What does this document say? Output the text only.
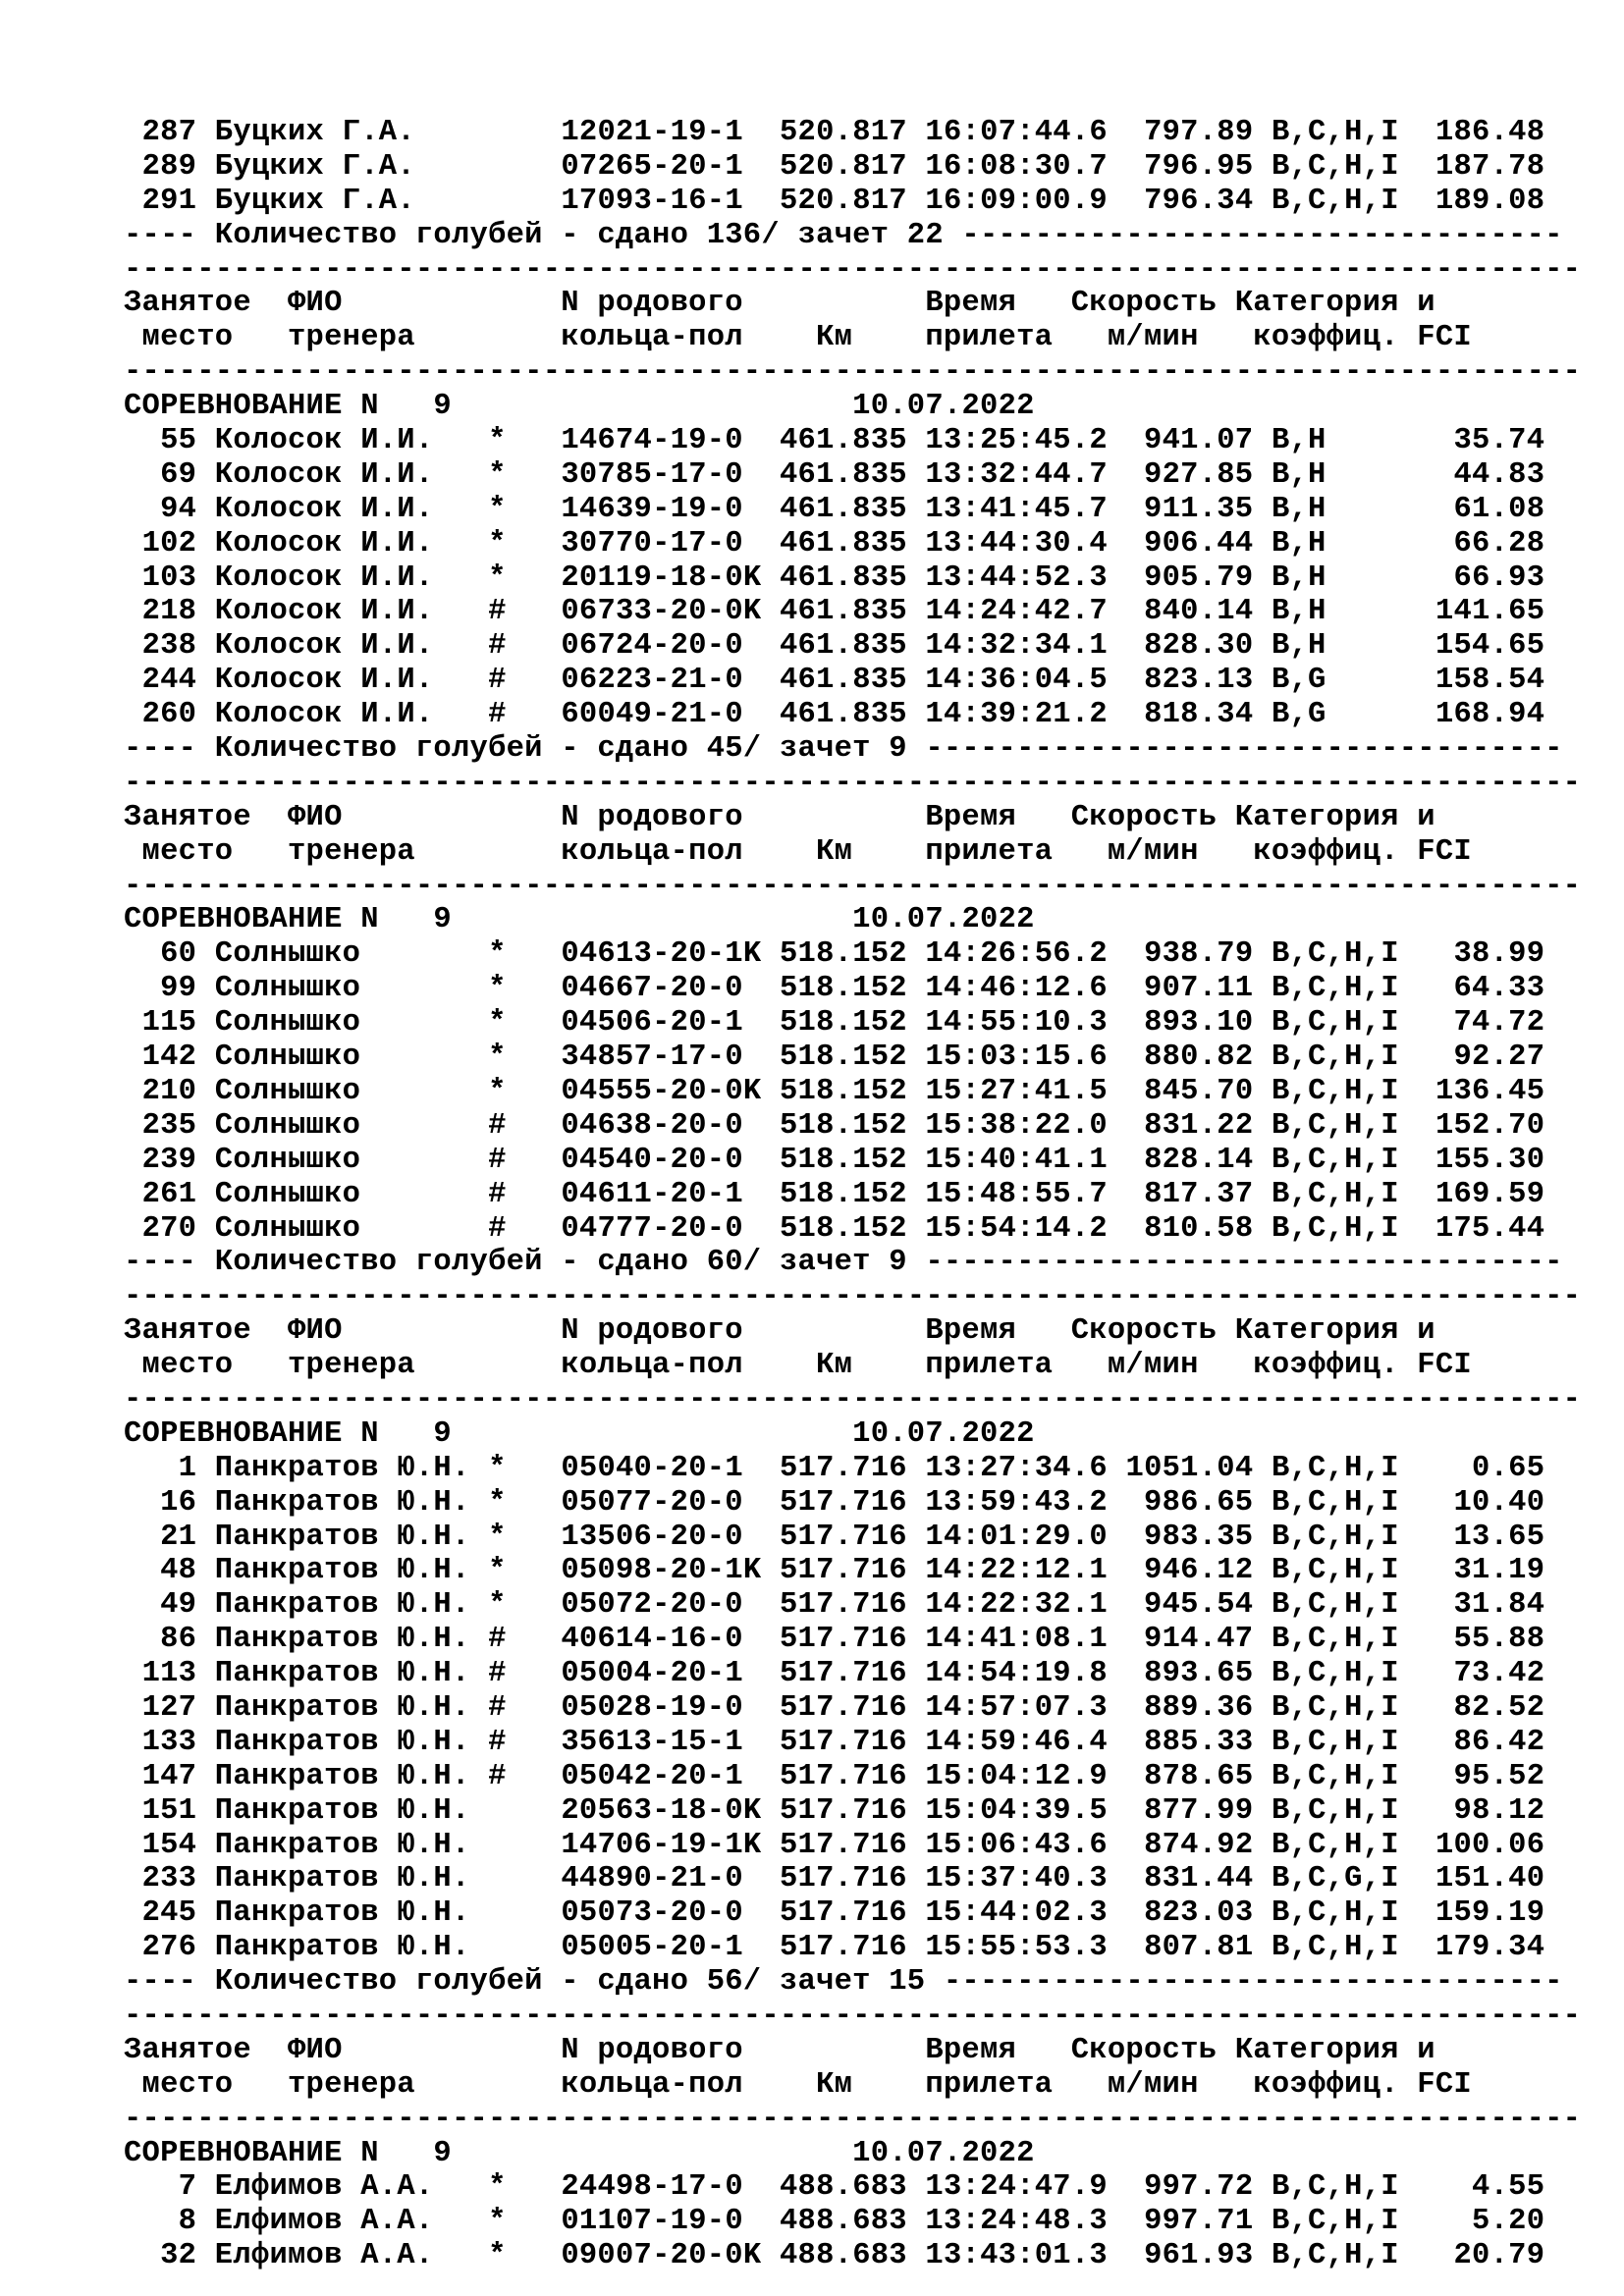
287 Буцких Г.А.	12021-19-1 520.817 16:07:44.6 797.89 B,C,H,I 186.48
289 Буцких Г.А.	07265-20-1 520.817 16:08:30.7 796.95 B,C,H,I 187.78
291 Буцких Г.А.	17093-16-1 520.817 16:09:00.9 796.34 B,C,H,I 189.08
---- Количество голубей - сдано 136/ зачет 22 ---------------------------------
--------------------------------------------------------------------------------
Занятое  ФИО            N родового          Время   Скорость Категория и
место   тренера        кольца-пол    Км    прилета   м/мин   коэффиц. FCI
--------------------------------------------------------------------------------
СОРЕВНОВАНИЕ N   9	10.07.2022
55 Колосок И.И. * 14674-19-0 461.835 13:25:45.2 941.07 B,H	35.74
69 Колосок И.И. * 30785-17-0 461.835 13:32:44.7 927.85 B,H	44.83
94 Колосок И.И. * 14639-19-0 461.835 13:41:45.7 911.35 B,H	61.08
102 Колосок И.И. * 30770-17-0 461.835 13:44:30.4 906.44 B,H	66.28
103 Колосок И.И. * 20119-18-0K 461.835 13:44:52.3 905.79 B,H	66.93
218 Колосок И.И. # 06733-20-0K 461.835 14:24:42.7 840.14 B,H	141.65
238 Колосок И.И. # 06724-20-0 461.835 14:32:34.1 828.30 B,H	154.65
244 Колосок И.И. # 06223-21-0 461.835 14:36:04.5 823.13 B,G	158.54
260 Колосок И.И. # 60049-21-0 461.835 14:39:21.2 818.34 B,G	168.94
---- Количество голубей - сдано 45/ зачет 9 -----------------------------------
--------------------------------------------------------------------------------
Занятое  ФИО            N родового          Время   Скорость Категория и
место   тренера        кольца-пол    Км    прилета   м/мин   коэффиц. FCI
--------------------------------------------------------------------------------
СОРЕВНОВАНИЕ N   9	10.07.2022
60 Солнышко	* 04613-20-1K 518.152 14:26:56.2 938.79 B,C,H,I 38.99
99 Солнышко	* 04667-20-0 518.152 14:46:12.6 907.11 B,C,H,I 64.33
115 Солнышко	* 04506-20-1 518.152 14:55:10.3 893.10 B,C,H,I 74.72
142 Солнышко	* 34857-17-0 518.152 15:03:15.6 880.82 B,C,H,I 92.27
210 Солнышко	* 04555-20-0K 518.152 15:27:41.5 845.70 B,C,H,I 136.45
235 Солнышко	# 04638-20-0 518.152 15:38:22.0 831.22 B,C,H,I 152.70
239 Солнышко	# 04540-20-0 518.152 15:40:41.1 828.14 B,C,H,I 155.30
261 Солнышко	# 04611-20-1 518.152 15:48:55.7 817.37 B,C,H,I 169.59
270 Солнышко	# 04777-20-0 518.152 15:54:14.2 810.58 B,C,H,I 175.44
---- Количество голубей - сдано 60/ зачет 9 -----------------------------------
--------------------------------------------------------------------------------
Занятое  ФИО            N родового          Время   Скорость Категория и
место   тренера        кольца-пол    Км    прилета   м/мин   коэффиц. FCI
--------------------------------------------------------------------------------
СОРЕВНОВАНИЕ N   9	10.07.2022
1 Панкратов Ю.Н. * 05040-20-1 517.716 13:27:34.6 1051.04 B,C,H,I 0.65
16 Панкратов Ю.Н. * 05077-20-0 517.716 13:59:43.2 986.65 B,C,H,I 10.40
21 Панкратов Ю.Н. * 13506-20-0 517.716 14:01:29.0 983.35 B,C,H,I 13.65
48 Панкратов Ю.Н. * 05098-20-1K 517.716 14:22:12.1 946.12 B,C,H,I 31.19
49 Панкратов Ю.Н. * 05072-20-0 517.716 14:22:32.1 945.54 B,C,H,I 31.84
86 Панкратов Ю.Н. # 40614-16-0 517.716 14:41:08.1 914.47 B,C,H,I 55.88
113 Панкратов Ю.Н. # 05004-20-1 517.716 14:54:19.8 893.65 B,C,H,I 73.42
127 Панкратов Ю.Н. # 05028-19-0 517.716 14:57:07.3 889.36 B,C,H,I 82.52
133 Панкратов Ю.Н. # 35613-15-1 517.716 14:59:46.4 885.33 B,C,H,I 86.42
147 Панкратов Ю.Н. # 05042-20-1 517.716 15:04:12.9 878.65 B,C,H,I 95.52
151 Панкратов Ю.Н.	20563-18-0K 517.716 15:04:39.5 877.99 B,C,H,I 98.12
154 Панкратов Ю.Н.	14706-19-1K 517.716 15:06:43.6 874.92 B,C,H,I 100.06
233 Панкратов Ю.Н.	44890-21-0 517.716 15:37:40.3 831.44 B,C,G,I 151.40
245 Панкратов Ю.Н.	05073-20-0 517.716 15:44:02.3 823.03 B,C,H,I 159.19
276 Панкратов Ю.Н.	05005-20-1 517.716 15:55:53.3 807.81 B,C,H,I 179.34
---- Количество голубей - сдано 56/ зачет 15 ----------------------------------
--------------------------------------------------------------------------------
Занятое  ФИО            N родового          Время   Скорость Категория и
место   тренера        кольца-пол    Км    прилета   м/мин   коэффиц. FCI
--------------------------------------------------------------------------------
СОРЕВНОВАНИЕ N   9	10.07.2022
7 Елфимов А.А. * 24498-17-0 488.683 13:24:47.9 997.72 B,C,H,I 4.55
8 Елфимов А.А. * 01107-19-0 488.683 13:24:48.3 997.71 B,C,H,I 5.20
32 Елфимов А.А. * 09007-20-0K 488.683 13:43:01.3 961.93 B,C,H,I 20.79
